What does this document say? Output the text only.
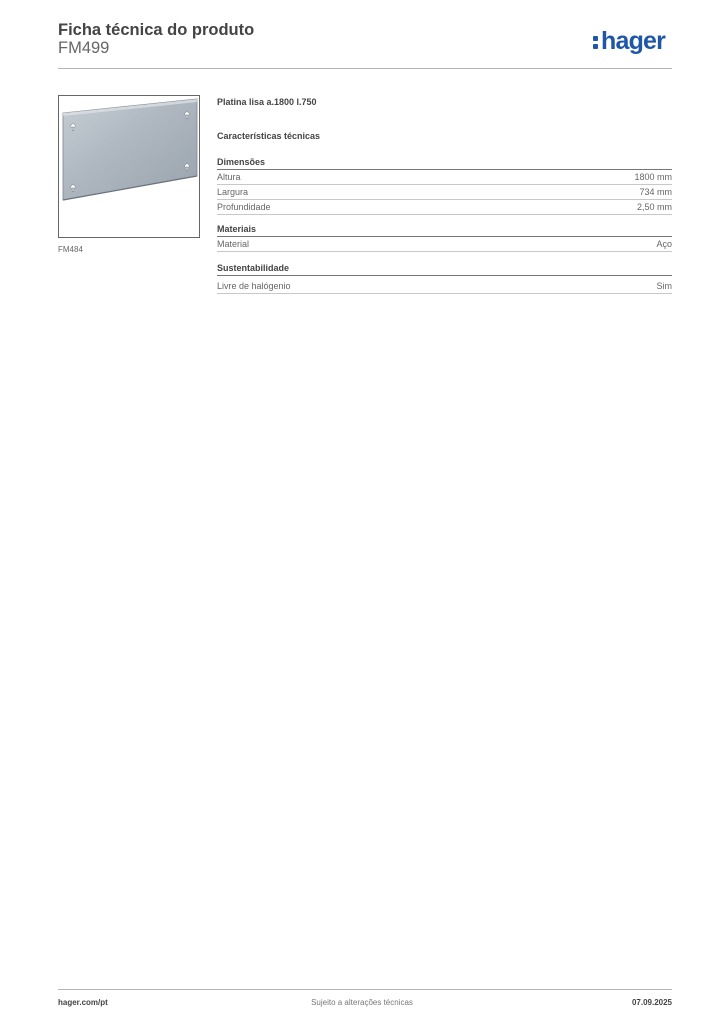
Ficha técnica do produto
FM499	hager
FM484
Platina lisa a.1800 l.750
Características técnicas
Dimensões
Altura	1800 mm
Largura	734 mm
Profundidade	2,50 mm
Materiais
Material	Aço
Sustentabilidade
Livre de halógenio	Sim
hager.com/pt	Sujeito a alterações técnicas	07.09.2025
